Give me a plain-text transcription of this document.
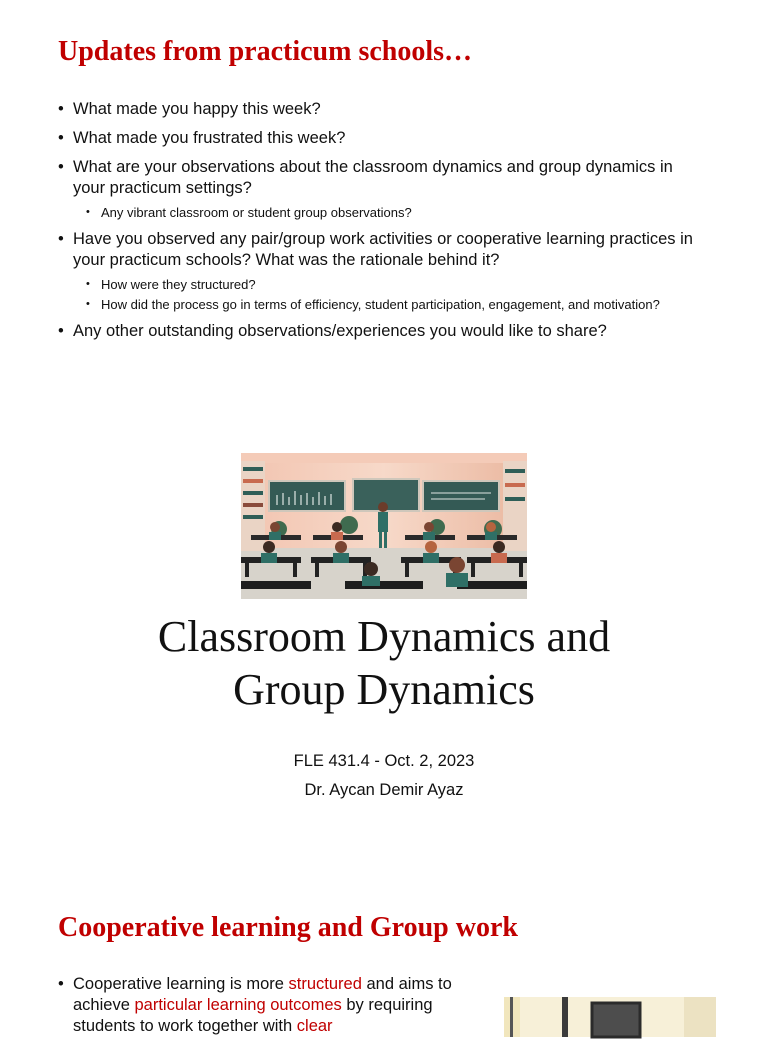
Updates from practicum schools…
• What made you happy this week?
• What made you frustrated this week?
• What are your observations about the classroom dynamics and group dynamics in your practicum settings?
• Any vibrant classroom or student group observations?
• Have you observed any pair/group work activities or cooperative learning practices in your practicum schools? What was the rationale behind it?
• How were they structured?
• How did the process go in terms of efficiency, student participation, engagement, and motivation?
• Any other outstanding observations/experiences you would like to share?
Classroom Dynamics and
Group Dynamics
FLE 431.4 - Oct. 2, 2023
Dr. Aycan Demir Ayaz
Cooperative learning and Group work
• Cooperative learning is more structured and aims to achieve particular learning outcomes by requiring students to work together with clear
